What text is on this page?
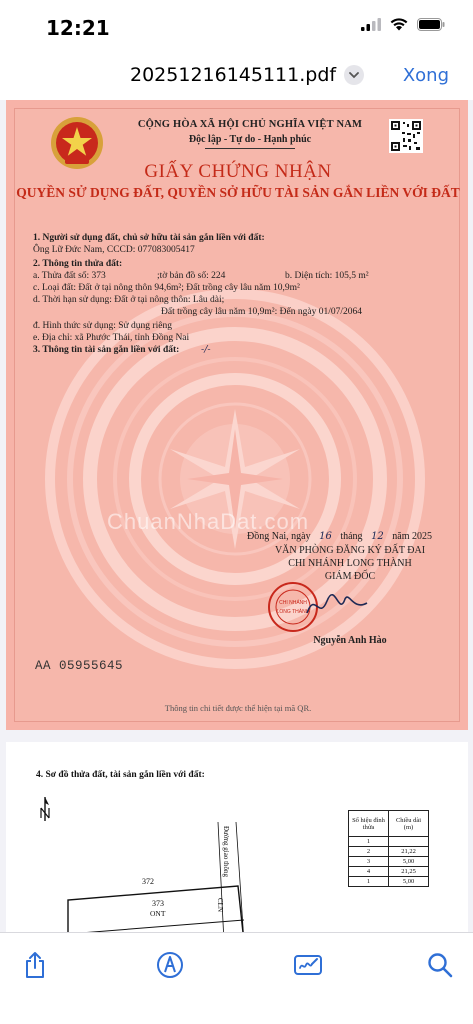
12:21
20251216145111.pdf	Xong
CỘNG HÒA XÃ HỘI CHỦ NGHĨA VIỆT NAM
Độc lập - Tự do - Hạnh phúc
GIẤY CHỨNG NHẬN
QUYỀN SỬ DỤNG ĐẤT, QUYỀN SỞ HỮU TÀI SẢN GẮN LIỀN VỚI ĐẤT
1. Người sử dụng đất, chủ sở hữu tài sản gắn liền với đất:
Ông Lữ Đức Nam, CCCD: 077083005417
2. Thông tin thửa đất:
a. Thửa đất số: 373	;tờ bản đồ số: 224	b. Diện tích: 105,5 m²
c. Loại đất: Đất ở tại nông thôn 94,6m²; Đất trồng cây lâu năm 10,9m²
d. Thời hạn sử dụng: Đất ở tại nông thôn: Lâu dài;
Đất trồng cây lâu năm 10,9m²: Đến ngày 01/07/2064
đ. Hình thức sử dụng: Sử dụng riêng
e. Địa chỉ: xã Phước Thái, tỉnh Đồng Nai
3. Thông tin tài sản gắn liền với đất: -/-
ChuanNhaDat.com
Đồng Nai, ngày 16 tháng 12 năm 2025
VĂN PHÒNG ĐĂNG KÝ ĐẤT ĐAI
CHI NHÁNH LONG THÀNH
GIÁM ĐỐC
CHI NHÁNH
LONG THÀNH
Nguyễn Anh Hào
AA 05955645
Thông tin chi tiết được thể hiện tại mã QR.
4. Sơ đồ thửa đất, tài sản gắn liền với đất:
372
373
ONT
Đường giao thông
CLN
Số hiệu đỉnh thửa	Chiều dài (m)
1	
2	21,22
3	5,00
4	21,25
1	5,00
